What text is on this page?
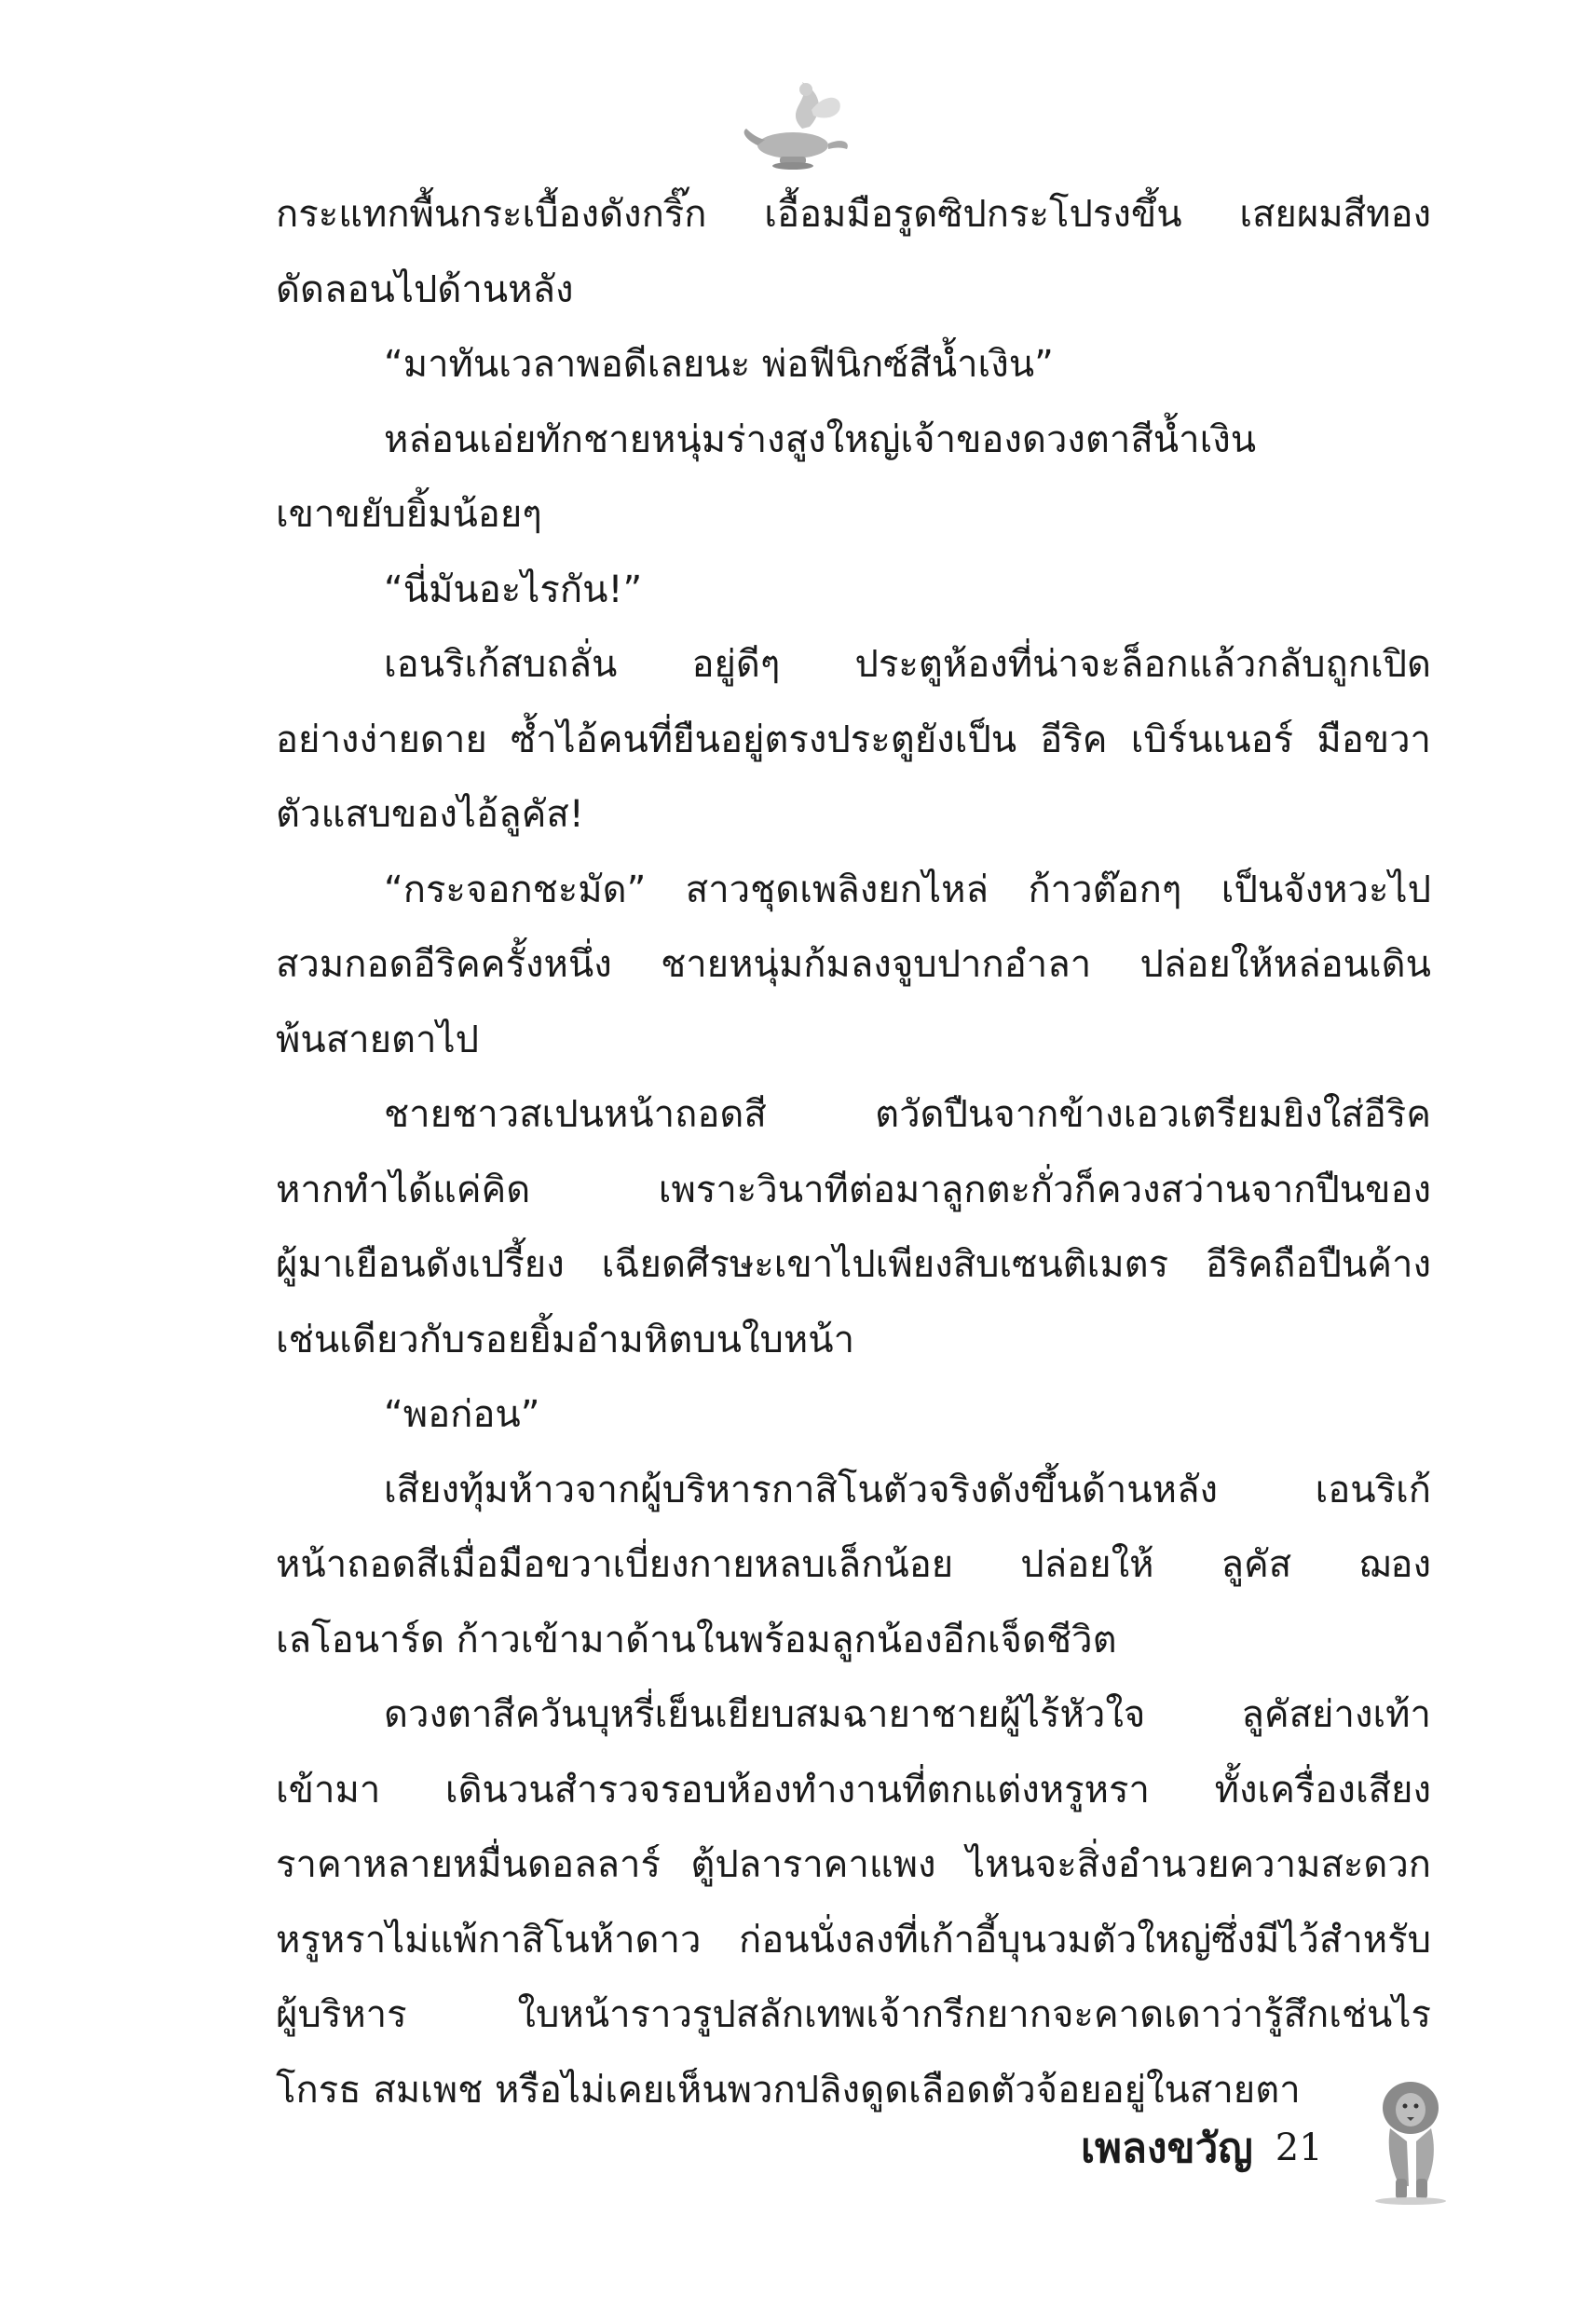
กระแทกพื้นกระเบื้องดังกริ๊ก เอื้อมมือรูดซิปกระโปรงขึ้น เสยผมสีทอง
ดัดลอนไปด้านหลัง
“มาทันเวลาพอดีเลยนะ พ่อฟีนิกซ์สีน้ำเงิน”
หล่อนเอ่ยทักชายหนุ่มร่างสูงใหญ่เจ้าของดวงตาสีน้ำเงิน
เขาขยับยิ้มน้อยๆ
“นี่มันอะไรกัน!”
เอนริเก้สบถลั่น อยู่ดีๆ ประตูห้องที่น่าจะล็อกแล้วกลับถูกเปิด
อย่างง่ายดาย ซ้ำไอ้คนที่ยืนอยู่ตรงประตูยังเป็น อีริค เบิร์นเนอร์ มือขวา
ตัวแสบของไอ้ลูคัส!
“กระจอกชะมัด” สาวชุดเพลิงยกไหล่ ก้าวต๊อกๆ เป็นจังหวะไป
สวมกอดอีริคครั้งหนึ่ง ชายหนุ่มก้มลงจูบปากอำลา ปล่อยให้หล่อนเดิน
พ้นสายตาไป
ชายชาวสเปนหน้าถอดสี ตวัดปืนจากข้างเอวเตรียมยิงใส่อีริค
หากทำได้แค่คิด เพราะวินาทีต่อมาลูกตะกั่วก็ควงสว่านจากปืนของ
ผู้มาเยือนดังเปรี้ยง เฉียดศีรษะเขาไปเพียงสิบเซนติเมตร อีริคถือปืนค้าง
เช่นเดียวกับรอยยิ้มอำมหิตบนใบหน้า
“พอก่อน”
เสียงทุ้มห้าวจากผู้บริหารกาสิโนตัวจริงดังขึ้นด้านหลัง เอนริเก้
หน้าถอดสีเมื่อมือขวาเบี่ยงกายหลบเล็กน้อย ปล่อยให้ ลูคัส ฌอง
เลโอนาร์ด ก้าวเข้ามาด้านในพร้อมลูกน้องอีกเจ็ดชีวิต
ดวงตาสีควันบุหรี่เย็นเยียบสมฉายาชายผู้ไร้หัวใจ ลูคัสย่างเท้า
เข้ามา เดินวนสำรวจรอบห้องทำงานที่ตกแต่งหรูหรา ทั้งเครื่องเสียง
ราคาหลายหมื่นดอลลาร์ ตู้ปลาราคาแพง ไหนจะสิ่งอำนวยความสะดวก
หรูหราไม่แพ้กาสิโนห้าดาว ก่อนนั่งลงที่เก้าอี้บุนวมตัวใหญ่ซึ่งมีไว้สำหรับ
ผู้บริหาร ใบหน้าราวรูปสลักเทพเจ้ากรีกยากจะคาดเดาว่ารู้สึกเช่นไร
โกรธ สมเพช หรือไม่เคยเห็นพวกปลิงดูดเลือดตัวจ้อยอยู่ในสายตา
เพลงขวัญ 21
